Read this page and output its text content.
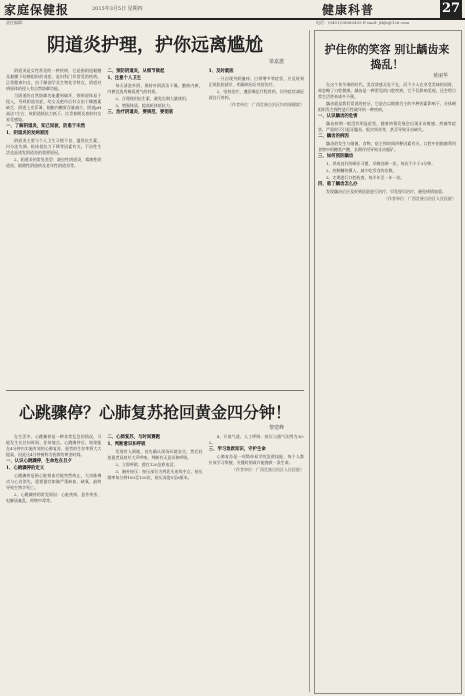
家庭保健报	2015年3月5日 星期四	健康科普	27
责任编辑：	电话：(0451)58880493 E-mail: jtbjb@126.com
阴道炎护理，护你远离尴尬
梁嘉蕙

阴道炎是女性常见的一种疾病，它是指阴道黏膜及黏膜下结缔组织的炎症，是妇科门诊常见的疾病。正常健康妇女，由于解剖学及生物化学特点，阴道对病原体的侵入有自然防御功能。

当阴道的自然防御功能遭到破坏，则病原体易于侵入，导致阴道炎症。幼女及绝经后妇女由于雌激素缺乏，阴道上皮菲薄，细胞内糖原含量减少，阴道pH高达7左右，故阴道抵抗力低下，比青春期及育龄妇女易受感染。

一、了解阴道炎，知己知彼，防患于未然
1、阴道炎的发病原因

阴道炎主要与个人卫生习惯不良、滥用抗生素、内分泌失调、机体抵抗力下降等因素有关。不洁性生活也是诱发阴道炎的重要原因。

2、阴道炎的常见类型：滴虫性阴道炎、霉菌性阴道炎、细菌性阴道病及老年性阴道炎等。

二、预防阴道炎，从细节做起
1、注意个人卫生

每天清洗外阴，保持外阴清洁干燥，勤换内裤，内裤宜选用棉质透气的材质。

2、合理使用抗生素，避免长期大量使用。

3、增强体质，提高机体抵抗力。

三、治疗阴道炎，要规范、要彻底
1、及时就医

一旦出现外阴瘙痒、白带增多等症状，应及时到正规医院就诊，明确病因后对症治疗。

2、坚持治疗，遵医嘱足疗程用药，切勿症状减轻就自行停药。

（作者单位：广西壮族自治区妇幼保健院）
心跳骤停？心肺复苏抢回黄金四分钟！
黎建峰

在生活中，心跳骤停是一种非常危急的情况，可能发生在任何时间、任何地点。心跳骤停后，如果能在4分钟内实施有效的心肺复苏，患者的生存率将大大提高，因此这4分钟被称为抢救的黄金时间。

一、认识心跳骤停，生命危在旦夕
1、心跳骤停的定义

心跳骤停是指心脏射血功能突然终止，大动脉搏动与心音消失，重要器官如脑严重缺血、缺氧，最终导致生物学死亡。

2、心跳骤停的常见原因：心脏疾病、意外伤害、电解质紊乱、药物中毒等。

二、心肺复苏，与时间赛跑
1、判断意识和呼吸

发现有人倒地，首先确认现场环境安全，然后轻拍患者双肩并大声呼唤，判断有无意识和呼吸。

2、立即呼救，拨打120急救电话。

3、胸外按压：按压部位为两乳头连线中点，按压频率每分钟100至120次，按压深度5至6厘米。

4、开放气道、人工呼吸：按压与通气比例为30:2。

三、学习急救知识，守护生命

心肺复苏是一项简单易学的急救技能，每个人都应该学习掌握，关键时刻或许能挽救一条生命。

（作者单位：广西壮族自治区人民医院）
护住你的笑容 别让龋齿来捣乱！
黄丽华

在这个快节奏的时代，美食诱惑无处不在，而不少人在享受美味的同时，却忽略了口腔健康。龋齿是一种常见的口腔疾病，它不仅影响美观，还会给日常生活带来诸多不便。

龋齿就是我们常说的蛀牙，它是在以细菌为主的多种因素影响下，牙体硬组织发生慢性进行性破坏的一种疾病。

一、认识龋齿的危害

龋齿初期一般没有明显症状，随着病情发展会出现牙齿敏感、疼痛等症状，严重时可引起牙髓炎、根尖周炎等，甚至导致牙齿缺失。

二、龋齿的病因

龋齿的发生与细菌、食物、宿主和时间四种因素有关，口腔中的细菌利用食物中的糖类产酸，长期作用导致牙齿脱矿。

三、如何预防龋齿

1、养成良好的刷牙习惯，早晚各刷一次，每次不少于3分钟。

2、控制糖的摄入，减少吃零食的次数。

3、定期进行口腔检查，每半年至一年一次。

四、患了龋齿怎么办

发现龋齿后应及时到医院进行治疗，早发现早治疗，避免病情加重。

（作者单位：广西壮族自治区人民医院）
